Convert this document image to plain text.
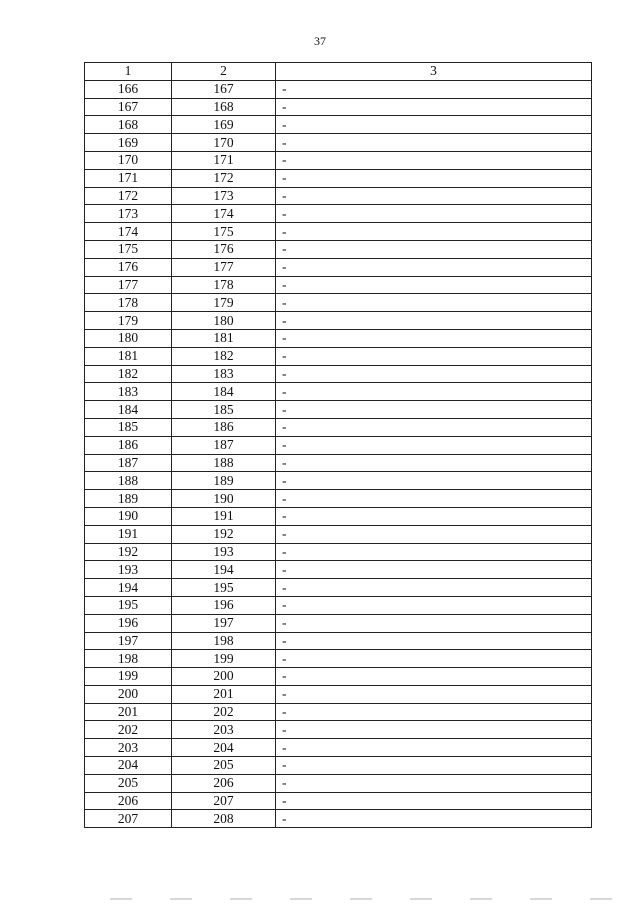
37
1	2	3
166	167	-
167	168	-
168	169	-
169	170	-
170	171	-
171	172	-
172	173	-
173	174	-
174	175	-
175	176	-
176	177	-
177	178	-
178	179	-
179	180	-
180	181	-
181	182	-
182	183	-
183	184	-
184	185	-
185	186	-
186	187	-
187	188	-
188	189	-
189	190	-
190	191	-
191	192	-
192	193	-
193	194	-
194	195	-
195	196	-
196	197	-
197	198	-
198	199	-
199	200	-
200	201	-
201	202	-
202	203	-
203	204	-
204	205	-
205	206	-
206	207	-
207	208	-
